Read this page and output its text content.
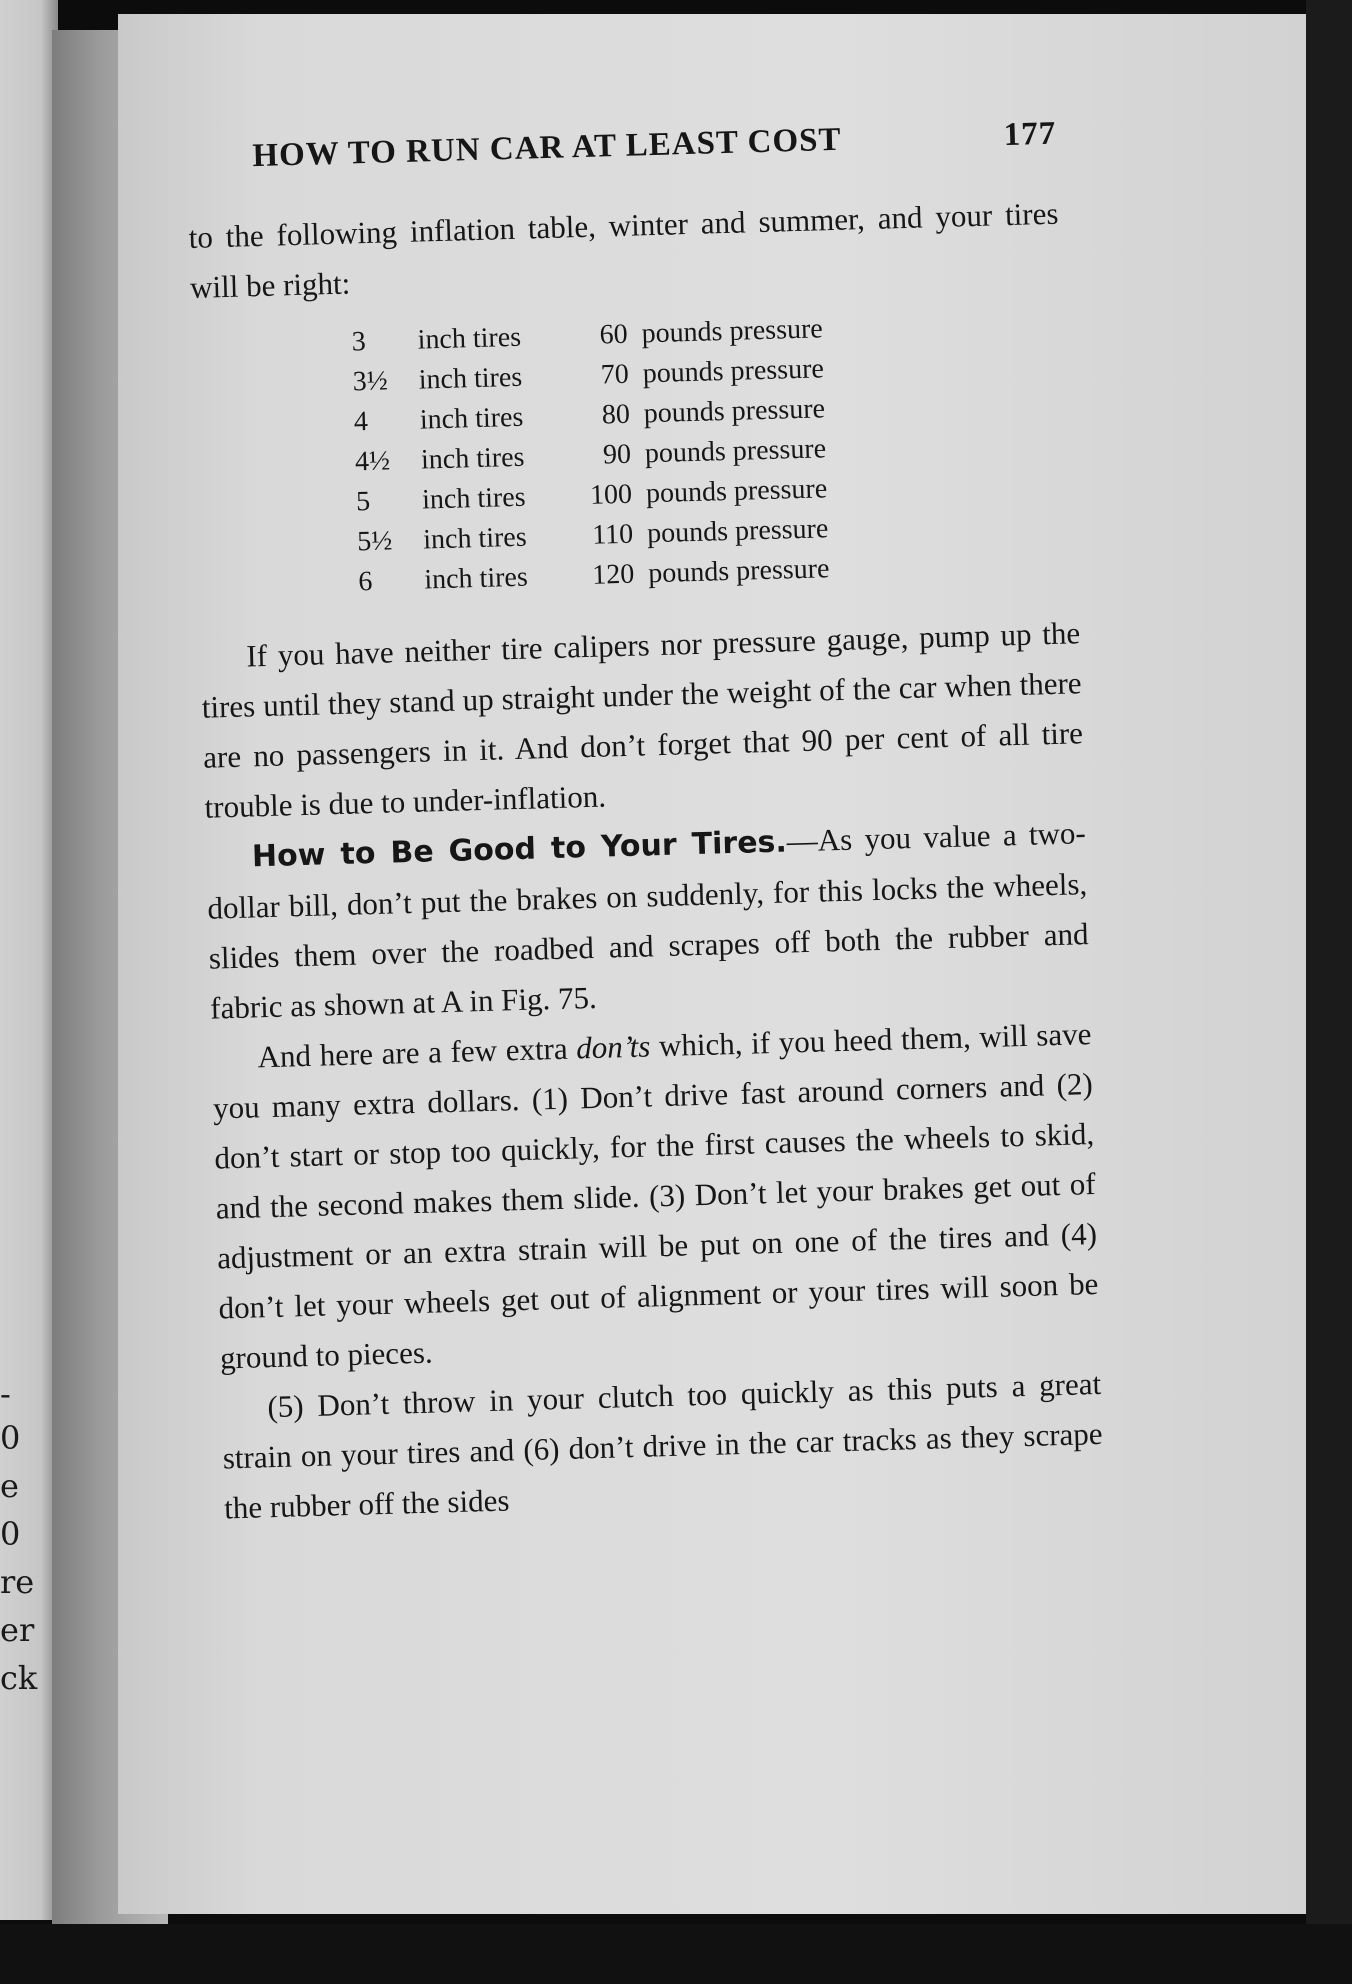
-
0
e
0
re
er
ck
HOW TO RUN CAR AT LEAST COST	177

to the following inflation table, winter and summer, and your tires will be right:

3	inch tires	60 pounds pressure
3½	inch tires	70 pounds pressure
4	inch tires	80 pounds pressure
4½	inch tires	90 pounds pressure
5	inch tires	100 pounds pressure
5½	inch tires	110 pounds pressure
6	inch tires	120 pounds pressure

If you have neither tire calipers nor pressure gauge, pump up the tires until they stand up straight under the weight of the car when there are no passengers in it. And don’t forget that 90 per cent of all tire trouble is due to under-inflation.

How to Be Good to Your Tires.—As you value a two-dollar bill, don’t put the brakes on suddenly, for this locks the wheels, slides them over the roadbed and scrapes off both the rubber and fabric as shown at A in Fig. 75.

And here are a few extra don’ts which, if you heed them, will save you many extra dollars. (1) Don’t drive fast around corners and (2) don’t start or stop too quickly, for the first causes the wheels to skid, and the second makes them slide. (3) Don’t let your brakes get out of adjustment or an extra strain will be put on one of the tires and (4) don’t let your wheels get out of alignment or your tires will soon be ground to pieces.

(5) Don’t throw in your clutch too quickly as this puts a great strain on your tires and (6) don’t drive in the car tracks as they scrape the rubber off the sides
